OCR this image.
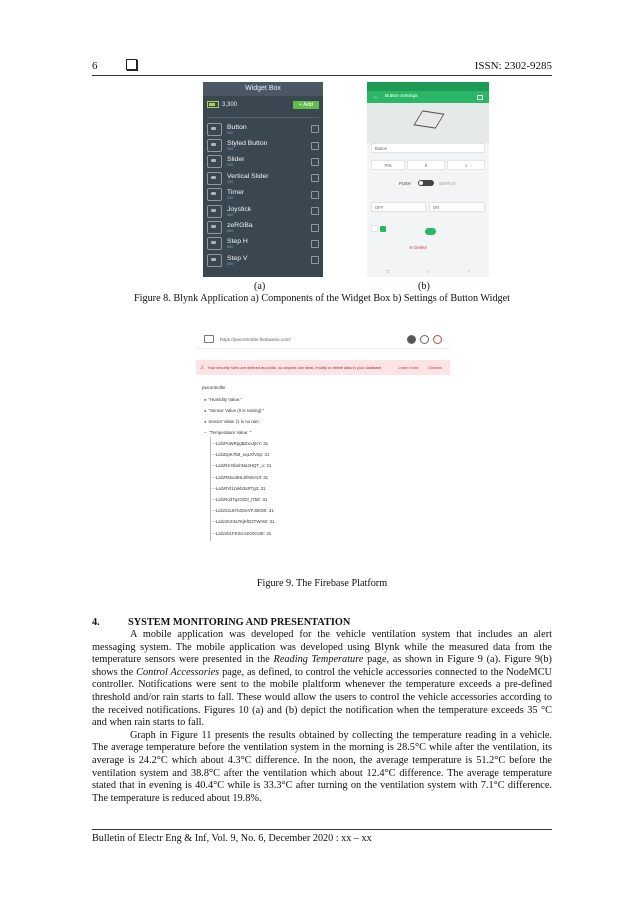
6	ISSN: 2302-9285
Widget Box
3,300	+ Add
Button
200
Styled Button
300
Slider
200
Vertical Slider
200
Timer
200
Joystick
400
zeRGBa
400
Step H
500
Step V
500
← Button Settings
Button
PIN	0	1
PUSH	SWITCH
OFF	ON
⊖ Delete
□	○	‹
(a)	(b)
Figure 8. Blynk Application a) Components of the Widget Box b) Settings of Button Widget
https://pwcontroller.firebaseio.com/
⚠ Your security rules are defined as public, so anyone can steal, modify or delete data in your database	Learn more	Dismiss
pwcontroller
● "Humidity Value:"
● "Sensor Value (0 is raining):"
● Sensor Value (1 is no rain:
− "Temperature Value: "
— -Lal1PuWRpgBZxoJjKY: 31
— -Lal1DpK7kB_eqLXfV2p: 31
— -Lal1R2-NbnhNa2HQT_o: 31
— -Lal1RMxo5HLbfNKHUl: 31
— -Lal1RVl1znkb3sRTg3: 31
— -Lal1Ro3TqzOrDl_t7bE: 31
— -Lal1S2L8Yk3OeVFJ3KS0: 31
— -Lal1SKZ4a7KjKfD2TWnW: 31
— -Lal1Sb1FK0cm1KzKGIE: 31
Figure 9. The Firebase Platform
4.	SYSTEM MONITORING AND PRESENTATION

A mobile application was developed for the vehicle ventilation system that includes an alert messaging system. The mobile application was developed using Blynk while the measured data from the temperature sensors were presented in the Reading Temperature page, as shown in Figure 9 (a). Figure 9(b) shows the Control Accessories page, as defined, to control the vehicle accessories connected to the NodeMCU controller. Notifications were sent to the mobile plaltform whenever the temperature exceeds a pre-defined threshold and/or rain starts to fall. These would allow the users to control the vehicle accessories according to the received notifications. Figures 10 (a) and (b) depict the notification when the temperature exceeds 35 °C and when rain starts to fall.

Graph in Figure 11 presents the results obtained by collecting the temperature reading in a vehicle. The average temperature before the ventilation system in the morning is 28.5°C while after the ventilation, its average is 24.2°C which about 4.3°C difference. In the noon, the average temperature is 51.2°C before the ventilation system and 38.8°C after the ventilation which about 12.4°C difference. The average temperature stated that in evening is 40.4°C while is 33.3°C after turning on the ventilation system with 7.1°C difference. The temperature is reduced about 19.8%.

Bulletin of Electr Eng & Inf, Vol. 9, No. 6, December 2020 : xx – xx
